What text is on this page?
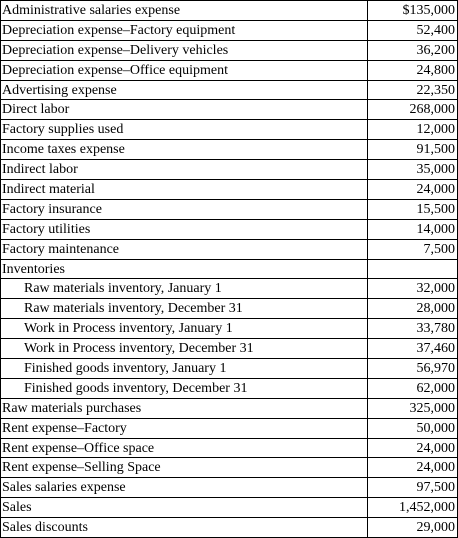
Administrative salaries expense	$135,000
Depreciation expense–Factory equipment	52,400
Depreciation expense–Delivery vehicles	36,200
Depreciation expense–Office equipment	24,800
Advertising expense	22,350
Direct labor	268,000
Factory supplies used	12,000
Income taxes expense	91,500
Indirect labor	35,000
Indirect material	24,000
Factory insurance	15,500
Factory utilities	14,000
Factory maintenance	7,500
Inventories	
Raw materials inventory, January 1	32,000
Raw materials inventory, December 31	28,000
Work in Process inventory, January 1	33,780
Work in Process inventory, December 31	37,460
Finished goods inventory, January 1	56,970
Finished goods inventory, December 31	62,000
Raw materials purchases	325,000
Rent expense–Factory	50,000
Rent expense–Office space	24,000
Rent expense–Selling Space	24,000
Sales salaries expense	97,500
Sales	1,452,000
Sales discounts	29,000
